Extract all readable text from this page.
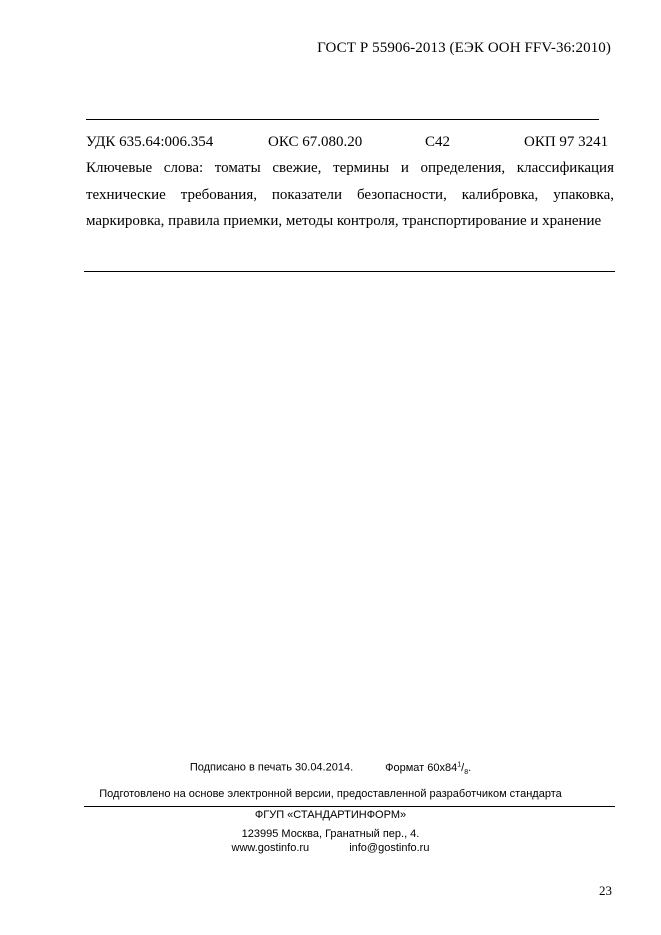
ГОСТ Р 55906-2013 (ЕЭК ООН FFV-36:2010)
УДК 635.64:006.354	ОКС 67.080.20	С42	ОКП 97 3241
Ключевые слова: томаты свежие, термины и определения, классификация технические требования, показатели безопасности, калибровка, упаковка, маркировка, правила приемки, методы контроля, транспортирование и хранение
Подписано в печать 30.04.2014.	Формат $60x84^1/_8$.
Подготовлено на основе электронной версии, предоставленной разработчиком стандарта
ФГУП «СТАНДАРТИНФОРМ»
123995 Москва, Гранатный пер., 4.
www.gostinfo.ru	info@gostinfo.ru
23
